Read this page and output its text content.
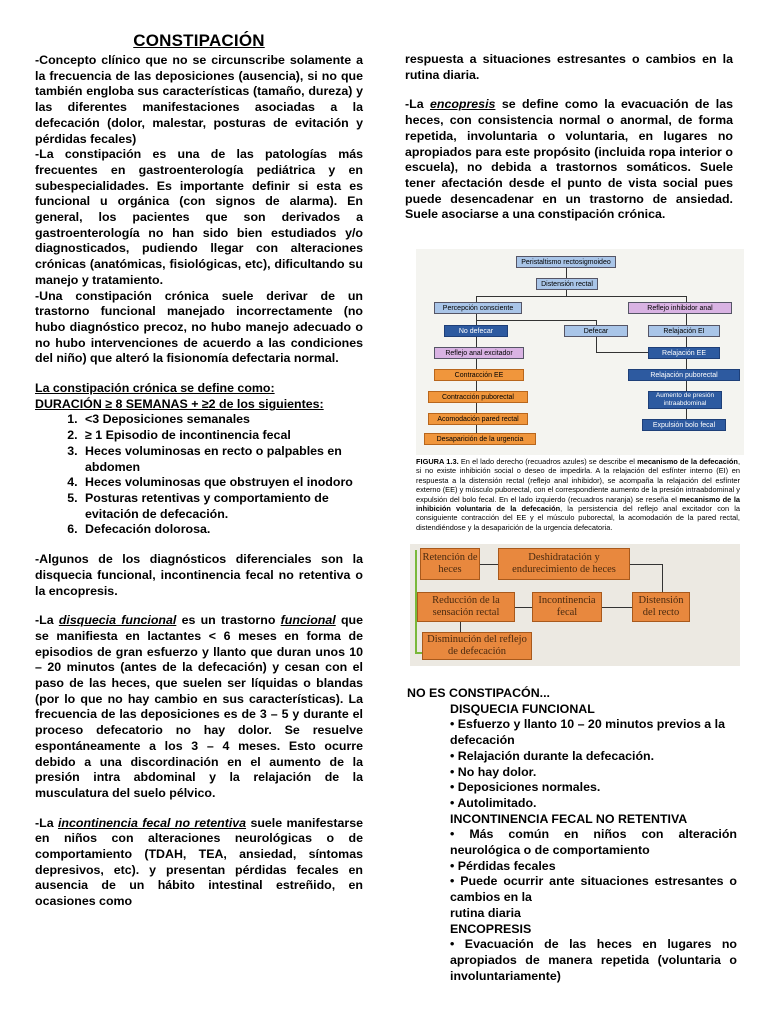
CONSTIPACIÓN

-Concepto clínico que no se circunscribe solamente a la frecuencia de las deposiciones (ausencia), si no que también engloba sus características (tamaño, dureza) y las diferentes manifestaciones asociadas a la defecación (dolor, malestar, posturas de evitación y pérdidas fecales)

-La constipación es una de las patologías más frecuentes en gastroenterología pediátrica y en subespecialidades. Es importante definir si esta es funcional u orgánica (con signos de alarma). En general, los pacientes que son derivados a gastroenterología no han sido bien estudiados y/o diagnosticados, pudiendo llegar con alteraciones crónicas (anatómicas, fisiológicas, etc), dificultando su manejo y tratamiento.

-Una constipación crónica suele derivar de un trastorno funcional manejado incorrectamente (no hubo diagnóstico precoz, no hubo manejo adecuado o no hubo intervenciones de acuerdo a las condiciones del niño) que alteró la fisionomía defectaria normal.

La constipación crónica se define como:

DURACIÓN ≥ 8 SEMANAS + ≥2 de los siguientes:

1. <3 Deposiciones semanales
2. ≥ 1 Episodio de incontinencia fecal
3. Heces voluminosas en recto o palpables en abdomen
4. Heces voluminosas que obstruyen el inodoro
5. Posturas retentivas y comportamiento de evitación de defecación.
6. Defecación dolorosa.

-Algunos de los diagnósticos diferenciales son la disquecia funcional, incontinencia fecal no retentiva o la encopresis.

-La disquecia funcional es un trastorno funcional que se manifiesta en lactantes < 6 meses en forma de episodios de gran esfuerzo y llanto que duran unos 10 – 20 minutos (antes de la defecación) y cesan con el paso de las heces, que suelen ser líquidas o blandas (por lo que no hay cambio en sus características). La frecuencia de las deposiciones es de 3 – 5 y durante el proceso defecatorio no hay dolor. Se resuelve espontáneamente a los 3 – 4 meses. Esto ocurre debido a una discordinación en el aumento de la presión intra abdominal y la relajación de la musculatura del suelo pélvico.

-La incontinencia fecal no retentiva suele manifestarse en niños con alteraciones neurológicas o de comportamiento (TDAH, TEA, ansiedad, síntomas depresivos, etc). y presentan pérdidas fecales en ausencia de un hábito intestinal estreñido, en ocasiones como

respuesta a situaciones estresantes o cambios en la rutina diaria.

-La encopresis se define como la evacuación de las heces, con consistencia normal o anormal, de forma repetida, involuntaria o voluntaria, en lugares no apropiados para este propósito (incluida ropa interior o escuela), no debida a trastornos somáticos. Suele tener afectación desde el punto de vista social pues puede desencadenar en un trastorno de ansiedad. Suele asociarse a una constipación crónica.

Peristaltismo rectosigmoideo
Distensión rectal
Percepción consciente	Reflejo inhibidor anal
No defecar	Defecar	Relajación EI
Relajación EE
Reflejo anal excitador
Contracción EE	Relajación puborectal
Contracción puborectal	Aumento de presión intraabdominal
Acomodación pared rectal
Expulsión bolo fecal
Desaparición de la urgencia

FIGURA 1.3. En el lado derecho (recuadros azules) se describe el mecanismo de la defecación, si no existe inhibición social o deseo de impedirla. A la relajación del esfínter interno (EI) en respuesta a la distensión rectal (reflejo anal inhibidor), se acompaña la relajación del esfínter externo (EE) y músculo puborectal, con el correspondiente aumento de la presión intraabdominal y expulsión del bolo fecal. En el lado izquierdo (recuadros naranja) se reseña el mecanismo de la inhibición voluntaria de la defecación, la persistencia del reflejo anal excitador con la consiguiente contracción del EE y el músculo puborectal, la acomodación de la pared rectal, distendiéndose y la desaparición de la urgencia defecatoria.

Retención de heces
Deshidratación y endurecimiento de heces
Distensión del recto
Incontinencia fecal
Reducción de la sensación rectal
Disminución del reflejo de defecación

NO ES CONSTIPACÓN...

DISQUECIA FUNCIONAL

• Esfuerzo y llanto 10 – 20 minutos previos a la defecación

• Relajación durante la defecación.

• No hay dolor.

• Deposiciones normales.

• Autolimitado.

INCONTINENCIA FECAL NO RETENTIVA

• Más común en niños con alteración neurológica o de comportamiento

• Pérdidas fecales

• Puede ocurrir ante situaciones estresantes o cambios en la

rutina diaria

ENCOPRESIS

• Evacuación de las heces en lugares no apropiados de manera repetida (voluntaria o involuntariamente)
